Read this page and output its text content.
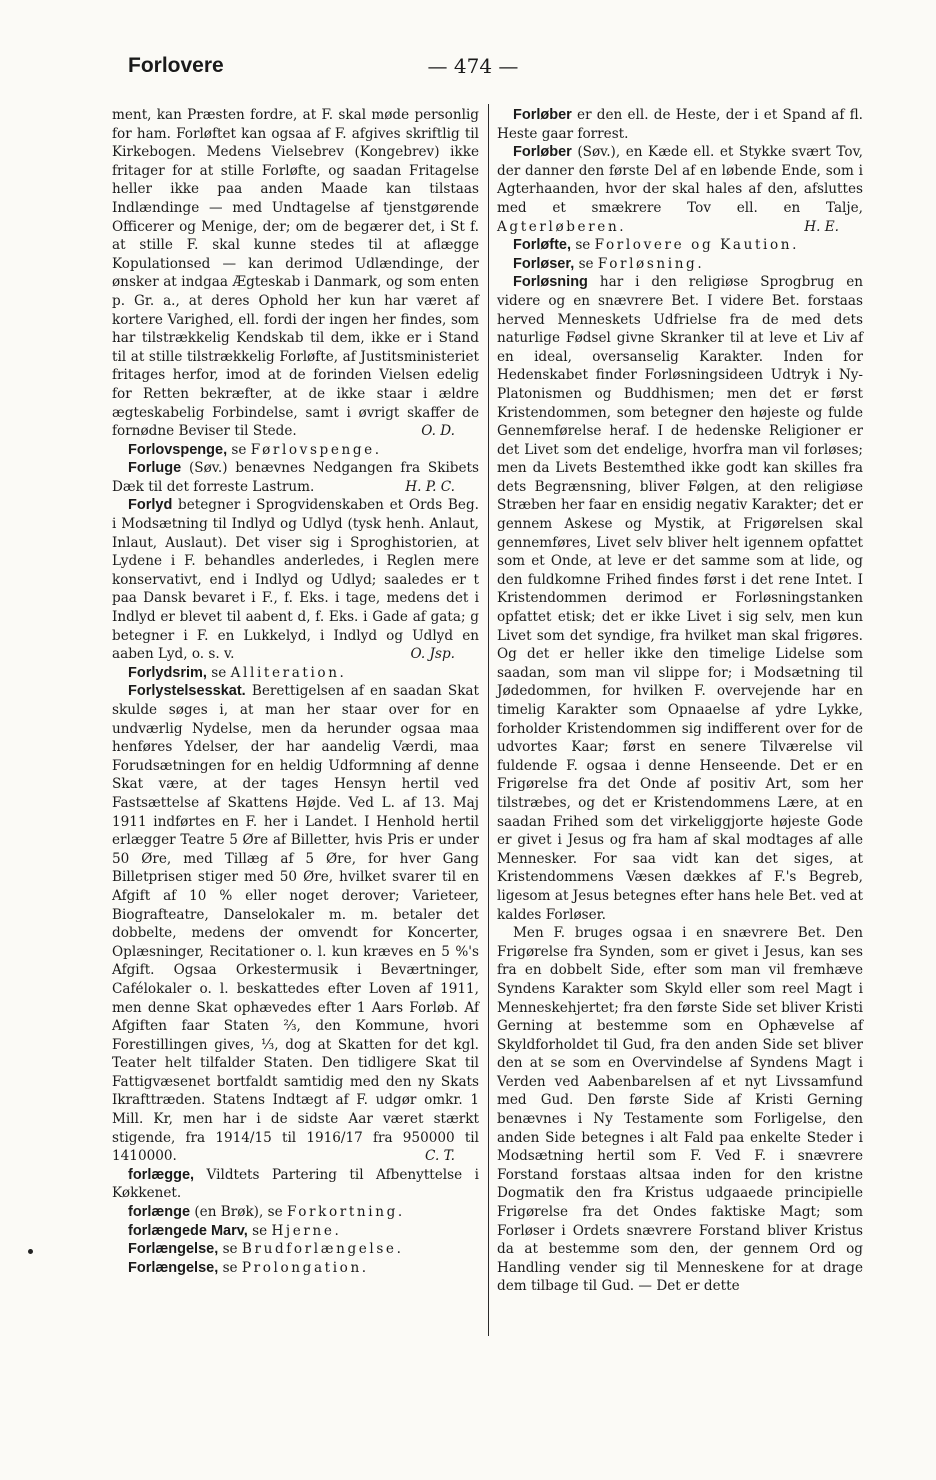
Forlovere	— 474 —

ment, kan Præsten fordre, at F. skal møde personlig for ham. Forløftet kan ogsaa af F. afgives skriftlig til Kirkebogen. Medens Vielsebrev (Kongebrev) ikke fritager for at stille Forløfte, og saadan Fritagelse heller ikke paa anden Maade kan tilstaas Indlændinge — med Undtagelse af tjenstgørende Officerer og Menige, der; om de begærer det, i St f. at stille F. skal kunne stedes til at aflægge Kopulationsed — kan derimod Udlændinge, der ønsker at indgaa Ægteskab i Danmark, og som enten p. Gr. a., at deres Ophold her kun har været af kortere Varighed, ell. fordi der ingen her findes, som har tilstrækkelig Kendskab til dem, ikke er i Stand til at stille tilstrækkelig Forløfte, af Justitsministeriet fritages herfor, imod at de forinden Vielsen edelig for Retten bekræfter, at de ikke staar i ældre ægteskabelig Forbindelse, samt i øvrigt skaffer de fornødne Beviser til Stede.	O. D.

Forlovspenge, se Førlovspenge.

Forluge (Søv.) benævnes Nedgangen fra Skibets Dæk til det forreste Lastrum.	H. P. C.

Forlyd betegner i Sprogvidenskaben et Ords Beg. i Modsætning til Indlyd og Udlyd (tysk henh. Anlaut, Inlaut, Auslaut). Det viser sig i Sproghistorien, at Lydene i F. behandles anderledes, i Reglen mere konservativt, end i Indlyd og Udlyd; saaledes er t paa Dansk bevaret i F., f. Eks. i tage, medens det i Indlyd er blevet til aabent d, f. Eks. i Gade af gata; g betegner i F. en Lukkelyd, i Indlyd og Udlyd en aaben Lyd, o. s. v.	O. Jsp.

Forlydsrim, se Alliteration.

Forlystelsesskat. Berettigelsen af en saadan Skat skulde søges i, at man her staar over for en undværlig Nydelse, men da herunder ogsaa maa henføres Ydelser, der har aandelig Værdi, maa Forudsætningen for en heldig Udformning af denne Skat være, at der tages Hensyn hertil ved Fastsættelse af Skattens Højde. Ved L. af 13. Maj 1911 indførtes en F. her i Landet. I Henhold hertil erlægger Teatre 5 Øre af Billetter, hvis Pris er under 50 Øre, med Tillæg af 5 Øre, for hver Gang Billetprisen stiger med 50 Øre, hvilket svarer til en Afgift af 10 % eller noget derover; Varieteer, Biografteatre, Danselokaler m. m. betaler det dobbelte, medens der omvendt for Koncerter, Oplæsninger, Recitationer o. l. kun kræves en 5 %'s Afgift. Ogsaa Orkestermusik i Beværtninger, Cafélokaler o. l. beskattedes efter Loven af 1911, men denne Skat ophævedes efter 1 Aars Forløb. Af Afgiften faar Staten ⅔, den Kommune, hvori Forestillingen gives, ⅓, dog at Skatten for det kgl. Teater helt tilfalder Staten. Den tidligere Skat til Fattigvæsenet bortfaldt samtidig med den ny Skats Ikrafttræden. Statens Indtægt af F. udgør omkr. 1 Mill. Kr, men har i de sidste Aar været stærkt stigende, fra 1914/15 til 1916/17 fra 950000 til 1410000.	C. T.

forlægge, Vildtets Partering til Afbenyttelse i Køkkenet.

forlænge (en Brøk), se Forkortning.

forlængede Marv, se Hjerne.

Forlængelse, se Brudforlængelse.

Forlængelse, se Prolongation.

Forløber er den ell. de Heste, der i et Spand af fl. Heste gaar forrest.

Forløber (Søv.), en Kæde ell. et Stykke svært Tov, der danner den første Del af en løbende Ende, som i Agterhaanden, hvor der skal hales af den, afsluttes med et smækrere Tov ell. en Talje, Agterløberen.	H. E.

Forløfte, se Forlovere og Kaution.

Forløser, se Forløsning.

Forløsning har i den religiøse Sprogbrug en videre og en snævrere Bet. I videre Bet. forstaas herved Menneskets Udfrielse fra de med dets naturlige Fødsel givne Skranker til at leve et Liv af en ideal, oversanselig Karakter. Inden for Hedenskabet finder Forløsningsideen Udtryk i Ny-Platonismen og Buddhismen; men det er først Kristendommen, som betegner den højeste og fulde Gennemførelse heraf. I de hedenske Religioner er det Livet som det endelige, hvorfra man vil forløses; men da Livets Bestemthed ikke godt kan skilles fra dets Begrænsning, bliver Følgen, at den religiøse Stræben her faar en ensidig negativ Karakter; det er gennem Askese og Mystik, at Frigørelsen skal gennemføres, Livet selv bliver helt igennem opfattet som et Onde, at leve er det samme som at lide, og den fuldkomne Frihed findes først i det rene Intet. I Kristendommen derimod er Forløsningstanken opfattet etisk; det er ikke Livet i sig selv, men kun Livet som det syndige, fra hvilket man skal frigøres. Og det er heller ikke den timelige Lidelse som saadan, som man vil slippe for; i Modsætning til Jødedommen, for hvilken F. overvejende har en timelig Karakter som Opnaaelse af ydre Lykke, forholder Kristendommen sig indifferent over for de udvortes Kaar; først en senere Tilværelse vil fuldende F. ogsaa i denne Henseende. Det er en Frigørelse fra det Onde af positiv Art, som her tilstræbes, og det er Kristendommens Lære, at en saadan Frihed som det virkeliggjorte højeste Gode er givet i Jesus og fra ham af skal modtages af alle Mennesker. For saa vidt kan det siges, at Kristendommens Væsen dækkes af F.'s Begreb, ligesom at Jesus betegnes efter hans hele Bet. ved at kaldes Forløser.

Men F. bruges ogsaa i en snævrere Bet. Den Frigørelse fra Synden, som er givet i Jesus, kan ses fra en dobbelt Side, efter som man vil fremhæve Syndens Karakter som Skyld eller som reel Magt i Menneskehjertet; fra den første Side set bliver Kristi Gerning at bestemme som en Ophævelse af Skyldforholdet til Gud, fra den anden Side set bliver den at se som en Overvindelse af Syndens Magt i Verden ved Aabenbarelsen af et nyt Livssamfund med Gud. Den første Side af Kristi Gerning benævnes i Ny Testamente som Forligelse, den anden Side betegnes i alt Fald paa enkelte Steder i Modsætning hertil som F. Ved F. i snævrere Forstand forstaas altsaa inden for den kristne Dogmatik den fra Kristus udgaaede principielle Frigørelse fra det Ondes faktiske Magt; som Forløser i Ordets snævrere Forstand bliver Kristus da at bestemme som den, der gennem Ord og Handling vender sig til Menneskene for at drage dem tilbage til Gud. — Det er dette
